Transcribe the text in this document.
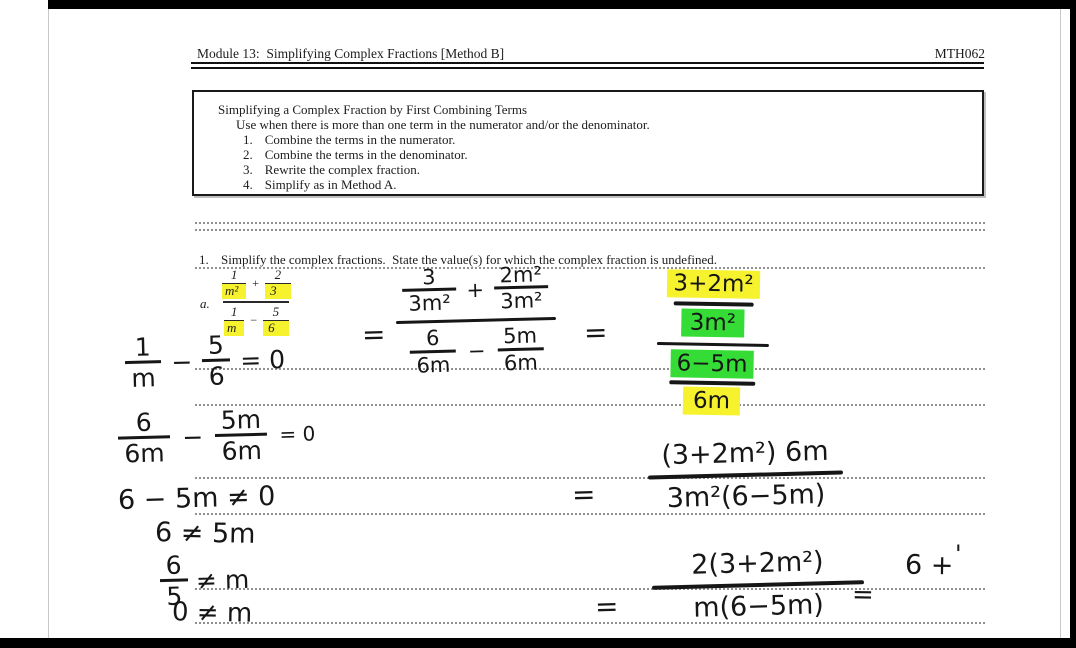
Module 13:  Simplifying Complex Fractions [Method B]	MTH062
Simplifying a Complex Fraction by First Combining Terms
Use when there is more than one term in the numerator and/or the denominator.
1. Combine the terms in the numerator.
2. Combine the terms in the denominator.
3. Rewrite the complex fraction.
4. Simplify as in Method A.
1. Simplify the complex fractions.  State the value(s) for which the complex fraction is undefined.
a.
$\frac{1}{\text{m²}} + \frac{2}{3}$
$\frac{1}{m} - \frac{5}{6}$	=
$\frac{3}{\text{3m²}} + \frac{\text{2m²}}{\text{3m²}}$
$\frac{6}{6m} - \frac{5m}{6m}$ =
3+2m²
3m²
6−5m
6m
$\frac{1}{m} - \frac{5}{6} = 0$
$\frac{6}{6m} - \frac{5m}{6m} = 0$
6 − 5m ≠ 0
6 ≠ 5m
$\frac{6}{5} \ne m$
0 ≠ m
=
(3+2m²) 6m
3m²(6−5m)
=
2(3+2m²)
m(6−5m) =
6 + '
